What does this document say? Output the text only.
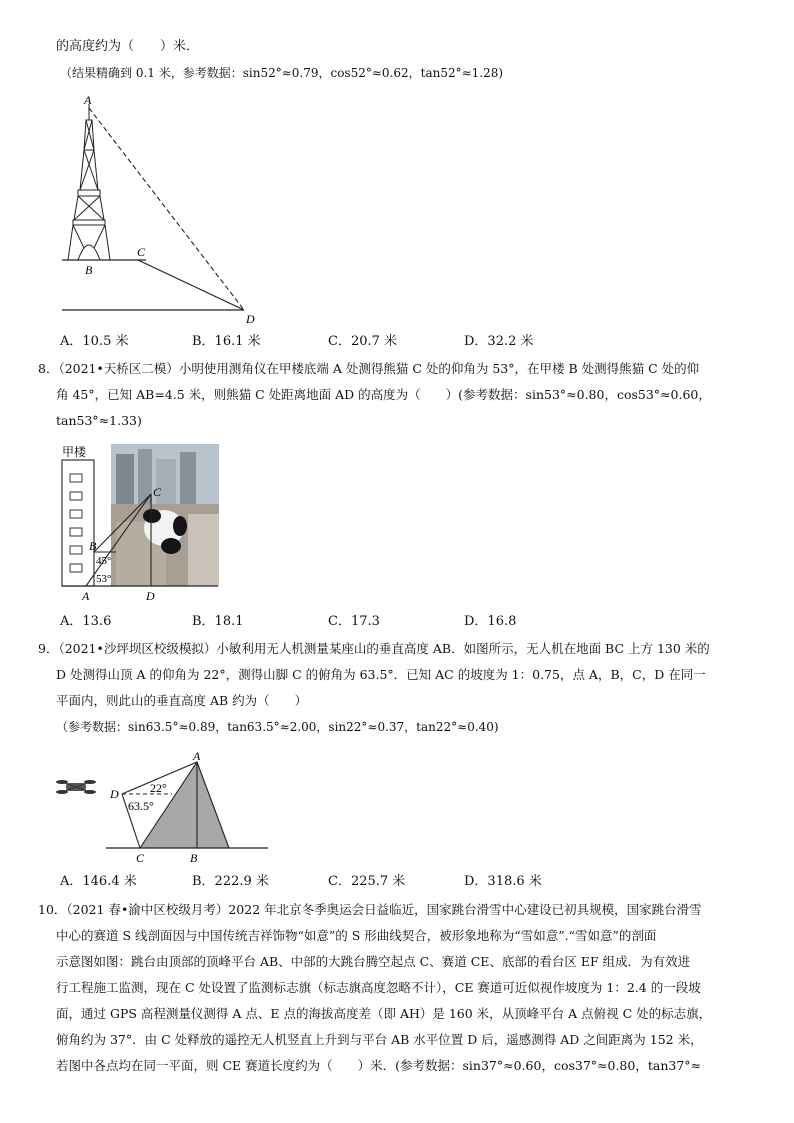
的高度约为（　　）米．
（结果精确到 0.1 米，参考数据：sin52°≈0.79，cos52°≈0.62，tan52°≈1.28)
A
B
C
D
A．10.5 米	B．16.1 米	C．20.7 米	D．32.2 米
8．（2021•天桥区二模）小明使用测角仪在甲楼底端 A 处测得熊猫 C 处的仰角为 53°，在甲楼 B 处测得熊猫 C 处的仰
角 45°，已知 AB=4.5 米，则熊猫 C 处距离地面 AD 的高度为（　　）(参考数据：sin53°≈0.80，cos53°≈0.60，
tan53°≈1.33)
甲楼
B
C
A	D
45°
53°
A．13.6	B．18.1	C．17.3	D．16.8
9．（2021•沙坪坝区校级模拟）小敏利用无人机测量某座山的垂直高度 AB．如图所示，无人机在地面 BC 上方 130 米的
D 处测得山顶 A 的仰角为 22°，测得山脚 C 的俯角为 63.5°．已知 AC 的坡度为 1：0.75，点 A，B，C，D 在同一
平面内，则此山的垂直高度 AB 约为（　　）
（参考数据：sin63.5°≈0.89，tan63.5°≈2.00，sin22°≈0.37，tan22°≈0.40)
A
B
C
D	22°
63.5°
A．146.4 米	B．222.9 米	C．225.7 米	D．318.6 米
10．（2021 春•渝中区校级月考）2022 年北京冬季奥运会日益临近，国家跳台滑雪中心建设已初具规模，国家跳台滑雪
中心的赛道 S 线剖面因与中国传统吉祥饰物“如意”的 S 形曲线契合，被形象地称为“雪如意”.“雪如意”的剖面
示意图如图：跳台由顶部的顶峰平台 AB、中部的大跳台腾空起点 C、赛道 CE、底部的看台区 EF 组成．为有效进
行工程施工监测，现在 C 处设置了监测标志旗（标志旗高度忽略不计），CE 赛道可近似视作坡度为 1：2.4 的一段坡
面，通过 GPS 高程测量仪测得 A 点、E 点的海拔高度差（即 AH）是 160 米，从顶峰平台 A 点俯视 C 处的标志旗，
俯角约为 37°．由 C 处释放的遥控无人机竖直上升到与平台 AB 水平位置 D 后，遥感测得 AD 之间距离为 152 米，
若图中各点均在同一平面，则 CE 赛道长度约为（　　）米．(参考数据：sin37°≈0.60，cos37°≈0.80，tan37°≈
